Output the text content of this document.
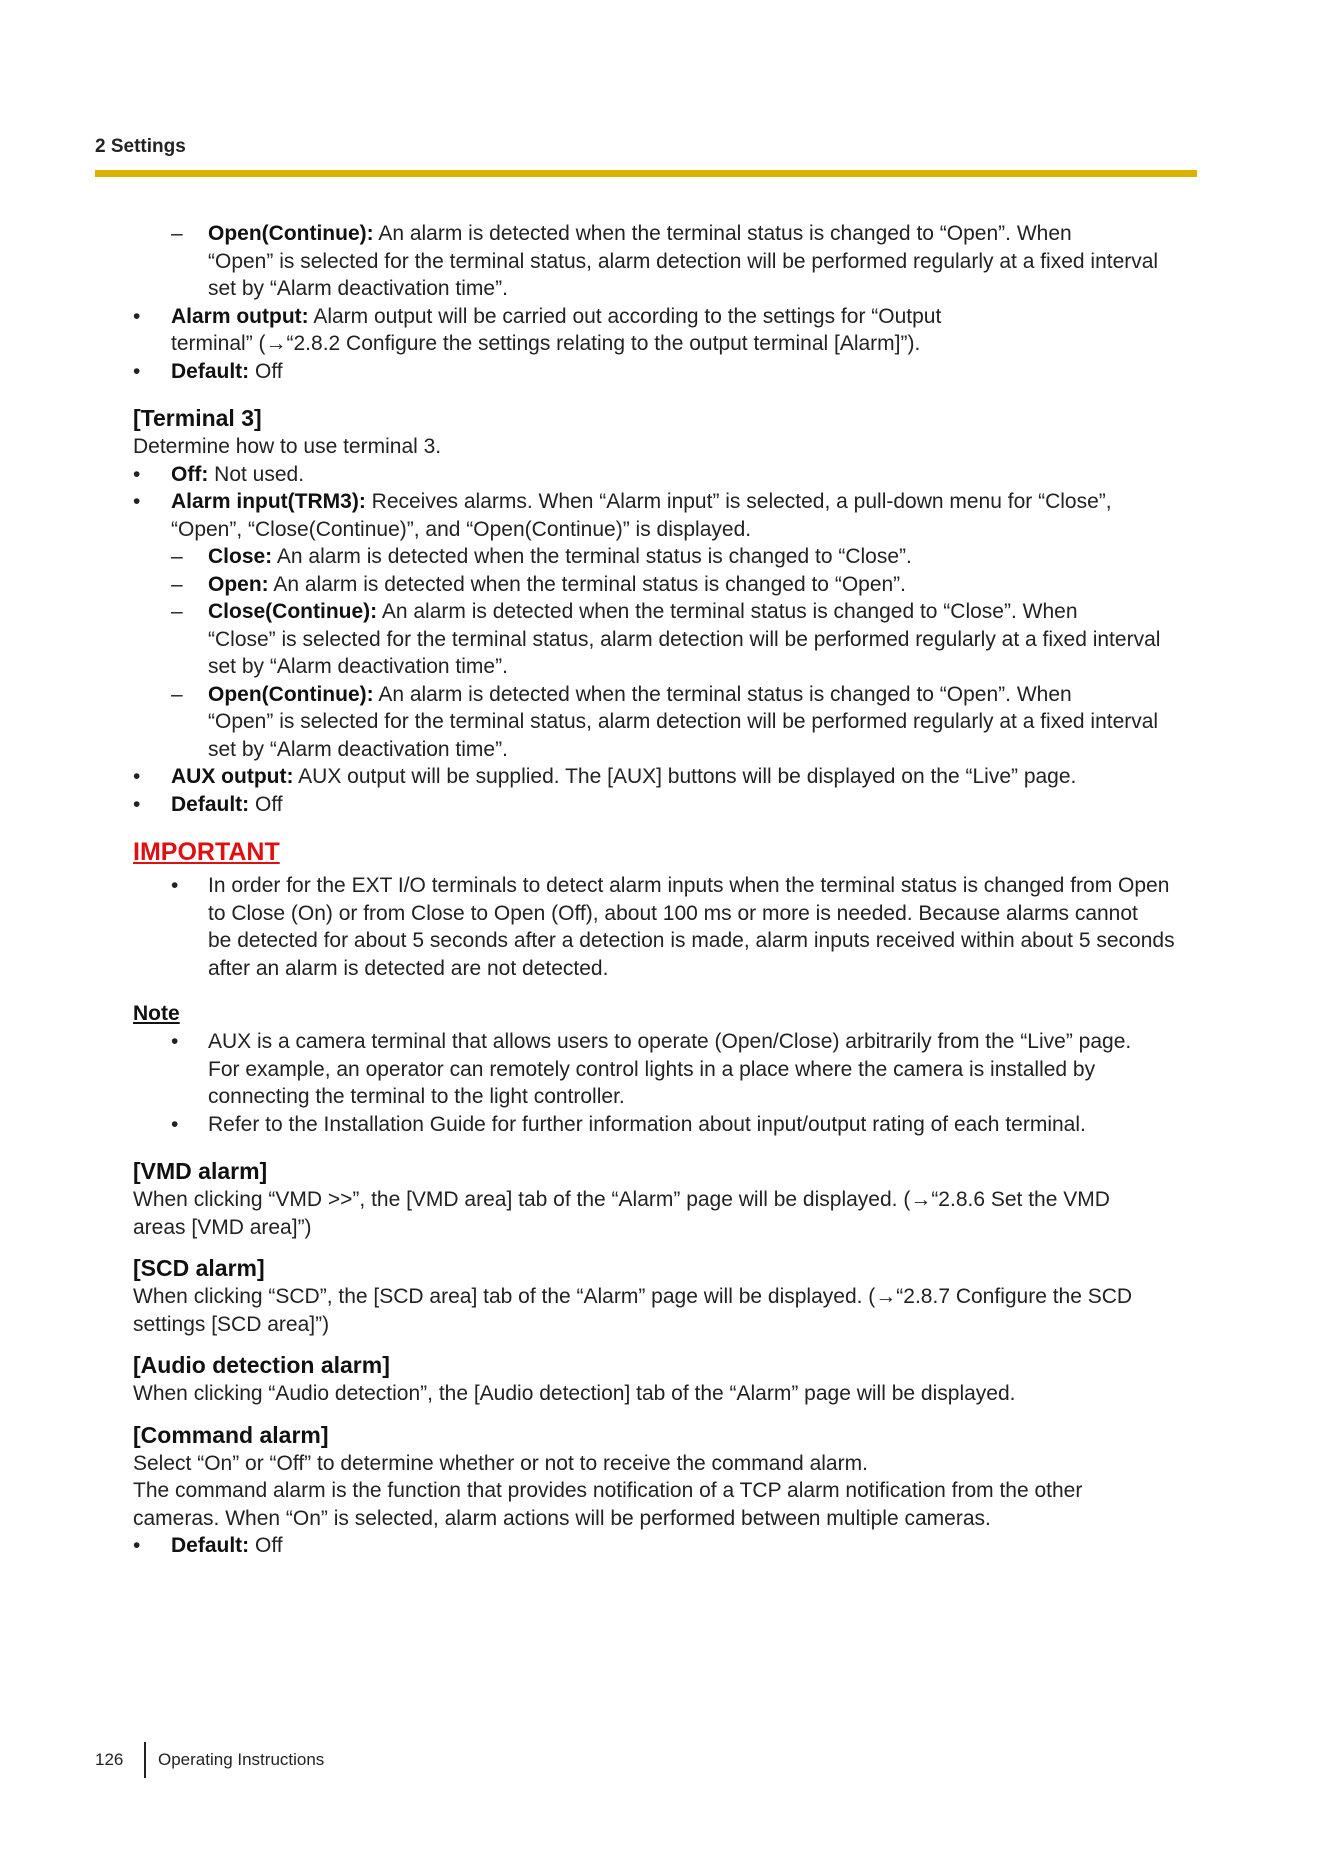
2 Settings
– Open(Continue): An alarm is detected when the terminal status is changed to “Open”. When
“Open” is selected for the terminal status, alarm detection will be performed regularly at a fixed interval
set by “Alarm deactivation time”.
• Alarm output: Alarm output will be carried out according to the settings for “Output
terminal” (→“2.8.2 Configure the settings relating to the output terminal [Alarm]”).
• Default: Off
[Terminal 3]
Determine how to use terminal 3.
• Off: Not used.
• Alarm input(TRM3): Receives alarms. When “Alarm input” is selected, a pull-down menu for “Close”,
“Open”, “Close(Continue)”, and “Open(Continue)” is displayed.
– Close: An alarm is detected when the terminal status is changed to “Close”.
– Open: An alarm is detected when the terminal status is changed to “Open”.
– Close(Continue): An alarm is detected when the terminal status is changed to “Close”. When
“Close” is selected for the terminal status, alarm detection will be performed regularly at a fixed interval
set by “Alarm deactivation time”.
– Open(Continue): An alarm is detected when the terminal status is changed to “Open”. When
“Open” is selected for the terminal status, alarm detection will be performed regularly at a fixed interval
set by “Alarm deactivation time”.
• AUX output: AUX output will be supplied. The [AUX] buttons will be displayed on the “Live” page.
• Default: Off
IMPORTANT
• In order for the EXT I/O terminals to detect alarm inputs when the terminal status is changed from Open
to Close (On) or from Close to Open (Off), about 100 ms or more is needed. Because alarms cannot
be detected for about 5 seconds after a detection is made, alarm inputs received within about 5 seconds
after an alarm is detected are not detected.
Note
• AUX is a camera terminal that allows users to operate (Open/Close) arbitrarily from the “Live” page.
For example, an operator can remotely control lights in a place where the camera is installed by
connecting the terminal to the light controller.
• Refer to the Installation Guide for further information about input/output rating of each terminal.
[VMD alarm]
When clicking “VMD >>”, the [VMD area] tab of the “Alarm” page will be displayed. (→“2.8.6 Set the VMD
areas [VMD area]”)
[SCD alarm]
When clicking “SCD”, the [SCD area] tab of the “Alarm” page will be displayed. (→“2.8.7 Configure the SCD
settings [SCD area]”)
[Audio detection alarm]
When clicking “Audio detection”, the [Audio detection] tab of the “Alarm” page will be displayed.
[Command alarm]
Select “On” or “Off” to determine whether or not to receive the command alarm.
The command alarm is the function that provides notification of a TCP alarm notification from the other
cameras. When “On” is selected, alarm actions will be performed between multiple cameras.
• Default: Off
126 Operating Instructions
